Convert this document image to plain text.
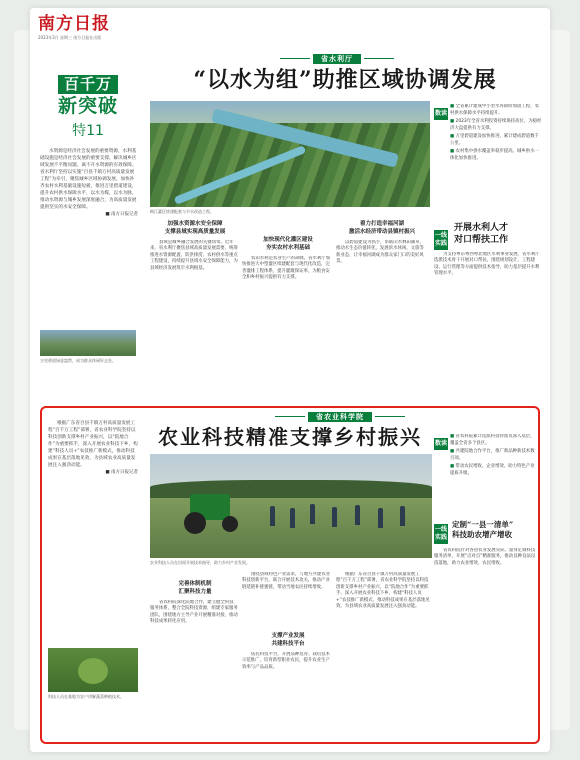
南方日报
2023年3月 星期三 南方日报社出版
百千万
新突破
特11

水资源是经济社会发展的重要资源，水利基础设施是经济社会发展的重要支撑。解决城乡区域发展不平衡问题，离不开水资源的有效保障。省水利厅坚持以实施“百县千镇万村高质量发展工程”为牵引，聚焦城乡区域协调发展，加快补齐农村水利基础设施短板，推进万里碧道建设，提升农村供水保障水平，以水为媒，以水为脉，推动水资源与城乡发展深度融合，为高质量发展提供坚实的水安全保障。

■ 南方日报记者

万里碧道绿意盎然，成为群众休闲好去处。
省水利厅
“以水为组”助推区域协调发展
梅江灌区续建配套与节水改造工程。
数读

■ 全省累计建成中小型水库除险加固工程，农村供水保障水平持续提升。

■ 2023年全省水利投资持续保持高位，为稳经济大盘提供有力支撑。

■ 万里碧道建设加快推进，累计建成碧道数千公里。

■ 农村集中供水覆盖率稳步提高，城乡供水一体化加快推进。

加强水资源水安全保障
支撑县域实现高质量发展
加快现代化灌区建设
夯实农村水利基础
着力打造幸福河湖
激活水经济带动县镇村振兴
县域是城乡融合发展的关键纽带。近年来，省水利厅聚焦县域高质量发展需要，统筹推进水资源配置、防洪排涝、农村供水等重点工程建设，持续提升县域水安全保障能力，为县域经济发展筑牢水利根基。
农田水利是农业生产的命脉。省水利厅加快推进大中型灌区续建配套与现代化改造，完善灌排工程体系，提升灌溉保证率，为粮食安全和乡村振兴提供有力支撑。
以碧道建设为抓手，串联山水林田湖草，推动水生态价值转化，发展滨水休闲、文旅等新业态，让幸福河湖成为群众家门口的美好风景。
一线实践
开展水利人才
对口帮扶工作
为支持粤东粤西粤北地区水利事业发展，省水利厅选派技术骨干开展对口帮扶，围绕规划设计、工程建设、运行管理等方面提供技术指导，助力基层提升水利管理水平。
省农业科学院
农业科技精准支撑乡村振兴

根据广东省百县千镇万村高质量发展工程“百千万工程”部署，省农业科学院坚持以科技创新支撑乡村产业振兴，以“院地合作”为重要抓手，深入开展农业科技下乡，构建“科技人员+”农技推广新模式，推动科技成果在基层落地见效，为县域农业高质量发展注入强劲动能。

■ 南方日报记者

科技人员在基地为农户讲解蔬菜种植技术。
农业科技人员在田间开展技术指导，助力乡村产业发展。
数读

■ 省农科院累计选派科技特派员深入基层，覆盖全省多个县区。

■ 共建院地合作平台，推广新品种新技术数百项。

■ 带动农民增收、企业增效，助力特色产业提质升级。

一线实践
定制“一县一清单”
科技助农增产增收
省农科院针对各县农业发展实际，量身定制科技服务清单，开展“点对点”精准服务，推动良种良法良技落地，助力农业增效、农民增收。
完善体制机制
汇聚科技力量
支撑产业发展
共建科技平台
省农科院深化院地合作，建立健全科技服务体系，整合全院科技资源，组建专家服务团队，围绕地方主导产业开展精准对接，推动科技成果转化应用。
围绕县域特色产业需求，与地方共建农业科技创新平台，联合开展技术攻关，推动产业链延链补链强链，带动当地农民持续增收。
依托科技平台，开展品种选育、栽培技术示范推广，培育新型职业农民，提升农业生产效率与产品品质。
根据广东省百县千镇万村高质量发展工程“百千万工程”部署，省农业科学院坚持以科技创新支撑乡村产业振兴，以“院地合作”为重要抓手，深入开展农业科技下乡，构建“科技人员+”农技推广新模式，推动科技成果在基层落地见效，为县域农业高质量发展注入强劲动能。
